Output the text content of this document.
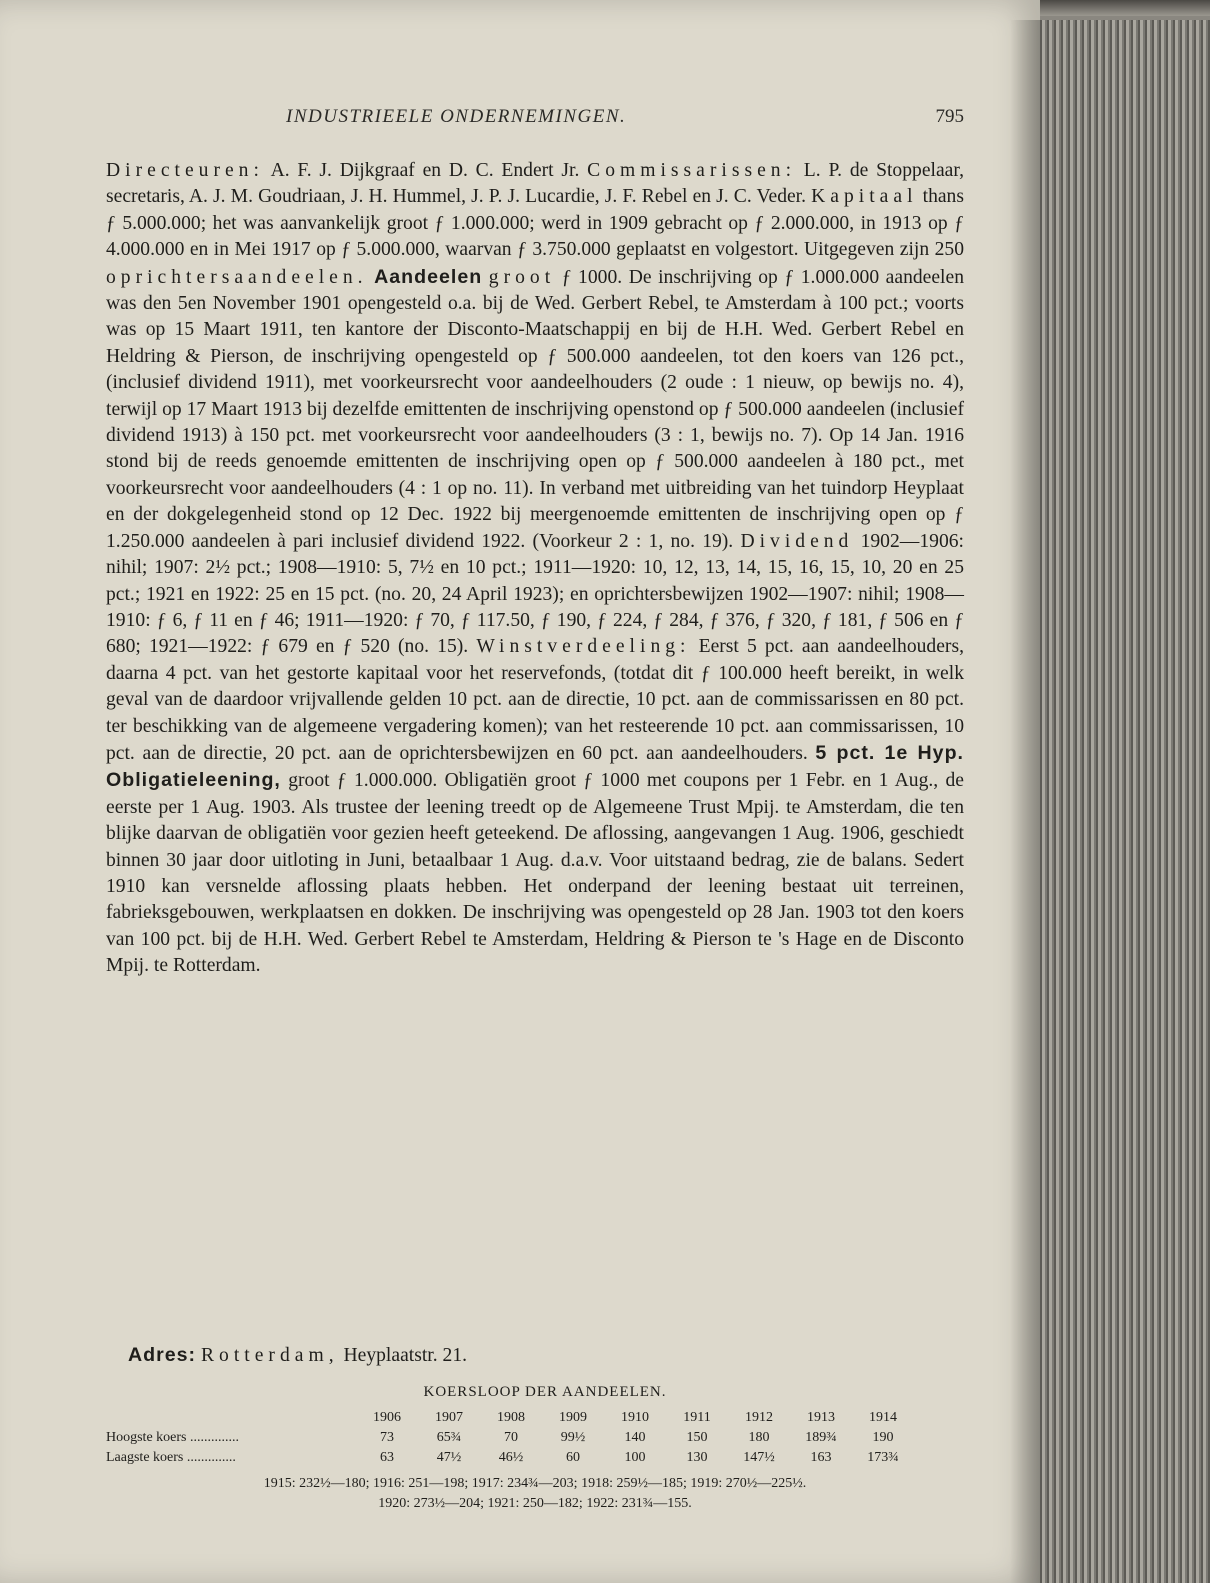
INDUSTRIEELE ONDERNEMINGEN.	795

Directeuren: A. F. J. Dijkgraaf en D. C. Endert Jr. Commissarissen: L. P. de Stoppelaar, secretaris, A. J. M. Goudriaan, J. H. Hummel, J. P. J. Lucardie, J. F. Rebel en J. C. Veder. Kapitaal thans ƒ 5.000.000; het was aanvankelijk groot ƒ 1.000.000; werd in 1909 gebracht op ƒ 2.000.000, in 1913 op ƒ 4.000.000 en in Mei 1917 op ƒ 5.000.000, waarvan ƒ 3.750.000 geplaatst en volgestort. Uitgegeven zijn 250 oprichtersaandeelen. Aandeelen groot ƒ 1000. De inschrijving op ƒ 1.000.000 aandeelen was den 5en November 1901 opengesteld o.a. bij de Wed. Gerbert Rebel, te Amsterdam à 100 pct.; voorts was op 15 Maart 1911, ten kantore der Disconto-Maatschappij en bij de H.H. Wed. Gerbert Rebel en Heldring & Pierson, de inschrijving opengesteld op ƒ 500.000 aandeelen, tot den koers van 126 pct., (inclusief dividend 1911), met voorkeursrecht voor aandeelhouders (2 oude : 1 nieuw, op bewijs no. 4), terwijl op 17 Maart 1913 bij dezelfde emittenten de inschrijving openstond op ƒ 500.000 aandeelen (inclusief dividend 1913) à 150 pct. met voorkeursrecht voor aandeelhouders (3 : 1, bewijs no. 7). Op 14 Jan. 1916 stond bij de reeds genoemde emittenten de inschrijving open op ƒ 500.000 aandeelen à 180 pct., met voorkeursrecht voor aandeelhouders (4 : 1 op no. 11). In verband met uitbreiding van het tuindorp Heyplaat en der dokgelegenheid stond op 12 Dec. 1922 bij meergenoemde emittenten de inschrijving open op ƒ 1.250.000 aandeelen à pari inclusief dividend 1922. (Voorkeur 2 : 1, no. 19). Dividend 1902—1906: nihil; 1907: 2½ pct.; 1908—1910: 5, 7½ en 10 pct.; 1911—1920: 10, 12, 13, 14, 15, 16, 15, 10, 20 en 25 pct.; 1921 en 1922: 25 en 15 pct. (no. 20, 24 April 1923); en oprichtersbewijzen 1902—1907: nihil; 1908—1910: ƒ 6, ƒ 11 en ƒ 46; 1911—1920: ƒ 70, ƒ 117.50, ƒ 190, ƒ 224, ƒ 284, ƒ 376, ƒ 320, ƒ 181, ƒ 506 en ƒ 680; 1921—1922: ƒ 679 en ƒ 520 (no. 15). Winstverdeeling: Eerst 5 pct. aan aandeelhouders, daarna 4 pct. van het gestorte kapitaal voor het reservefonds, (totdat dit ƒ 100.000 heeft bereikt, in welk geval van de daardoor vrijvallende gelden 10 pct. aan de directie, 10 pct. aan de commissarissen en 80 pct. ter beschikking van de algemeene vergadering komen); van het resteerende 10 pct. aan commissarissen, 10 pct. aan de directie, 20 pct. aan de oprichtersbewijzen en 60 pct. aan aandeelhouders. 5 pct. 1e Hyp. Obligatieleening, groot ƒ 1.000.000. Obligatiën groot ƒ 1000 met coupons per 1 Febr. en 1 Aug., de eerste per 1 Aug. 1903. Als trustee der leening treedt op de Algemeene Trust Mpij. te Amsterdam, die ten blijke daarvan de obligatiën voor gezien heeft geteekend. De aflossing, aangevangen 1 Aug. 1906, geschiedt binnen 30 jaar door uitloting in Juni, betaalbaar 1 Aug. d.a.v. Voor uitstaand bedrag, zie de balans. Sedert 1910 kan versnelde aflossing plaats hebben. Het onderpand der leening bestaat uit terreinen, fabrieksgebouwen, werkplaatsen en dokken. De inschrijving was opengesteld op 28 Jan. 1903 tot den koers van 100 pct. bij de H.H. Wed. Gerbert Rebel te Amsterdam, Heldring & Pierson te 's Hage en de Disconto Mpij. te Rotterdam.

Adres: Rotterdam, Heyplaatstr. 21.
KOERSLOOP DER AANDEELEN.
	1906	1907	1908	1909	1910	1911	1912	1913	1914
Hoogste koers ..............	73	65¾	70	99½	140	150	180	189¾	190
Laagste koers ..............	63	47½	46½	60	100	130	147½	163	173¾
1915: 232½—180; 1916: 251—198; 1917: 234¾—203; 1918: 259½—185; 1919: 270½—225½.
1920: 273½—204; 1921: 250—182; 1922: 231¾—155.
